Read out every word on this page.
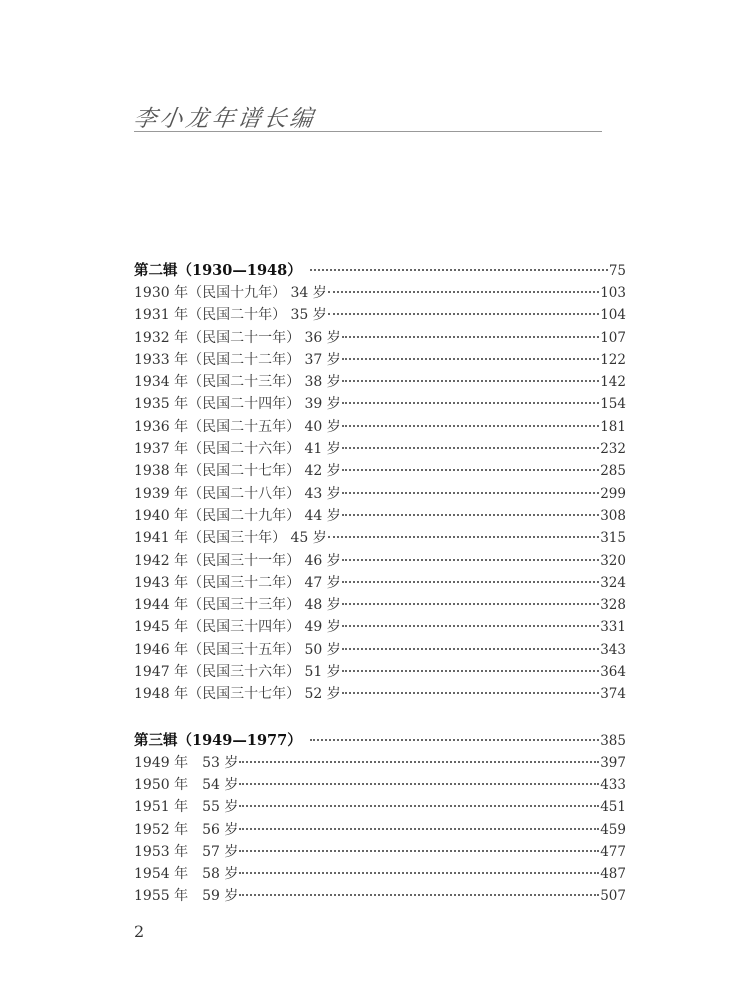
李小龙年谱长编
第二辑（1930—1948）	75
1930 年（民国十九年） 34 岁	103
1931 年（民国二十年） 35 岁	104
1932 年（民国二十一年） 36 岁	107
1933 年（民国二十二年） 37 岁	122
1934 年（民国二十三年） 38 岁	142
1935 年（民国二十四年） 39 岁	154
1936 年（民国二十五年） 40 岁	181
1937 年（民国二十六年） 41 岁	232
1938 年（民国二十七年） 42 岁	285
1939 年（民国二十八年） 43 岁	299
1940 年（民国二十九年） 44 岁	308
1941 年（民国三十年） 45 岁	315
1942 年（民国三十一年） 46 岁	320
1943 年（民国三十二年） 47 岁	324
1944 年（民国三十三年） 48 岁	328
1945 年（民国三十四年） 49 岁	331
1946 年（民国三十五年） 50 岁	343
1947 年（民国三十六年） 51 岁	364
1948 年（民国三十七年） 52 岁	374
第三辑（1949—1977）	385
1949 年　53 岁	397
1950 年　54 岁	433
1951 年　55 岁	451
1952 年　56 岁	459
1953 年　57 岁	477
1954 年　58 岁	487
1955 年　59 岁	507
2
